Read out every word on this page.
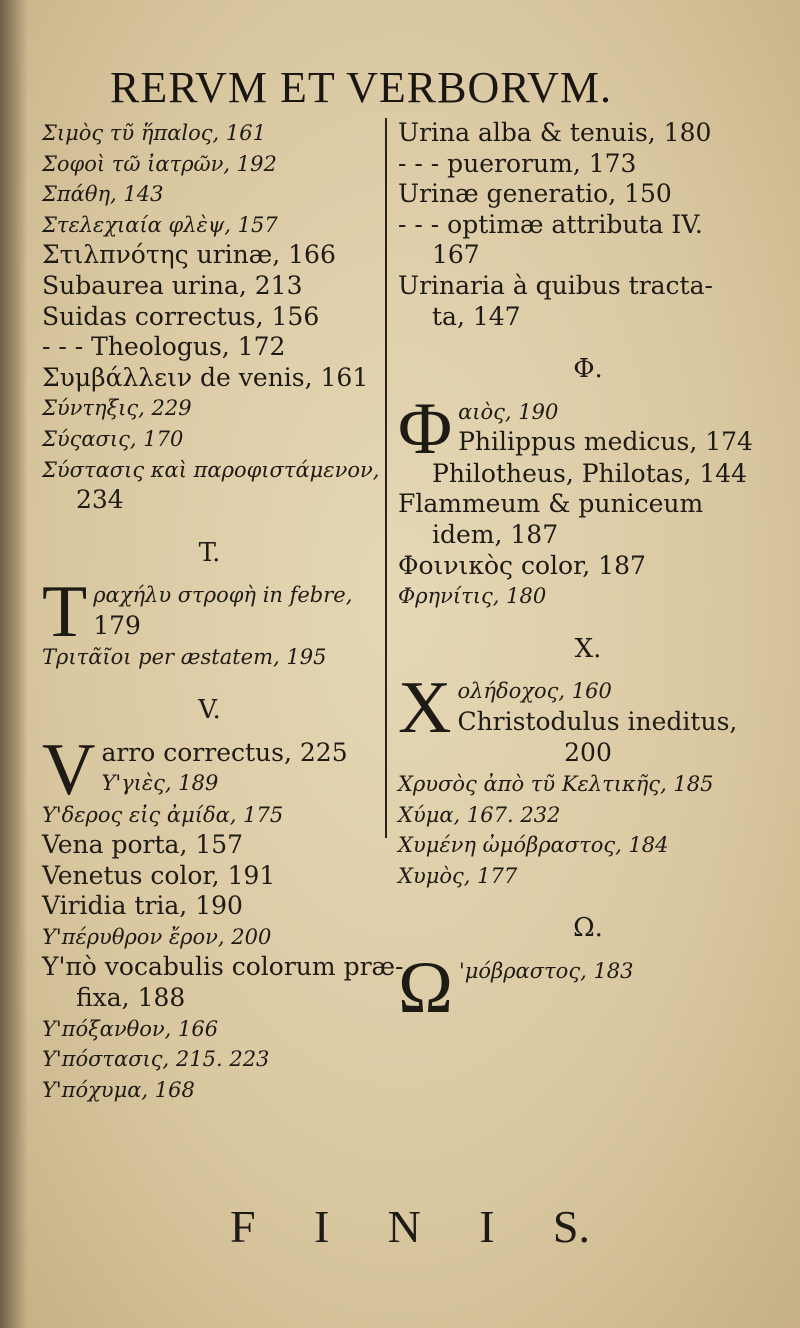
RERVM ET VERBORVM.
Σιμὸς τῦ ἥπαlος, 161
Σοφοὶ τῶ ἰατρῶν, 192
Σπάθη, 143
Στελεχιαία φλὲψ, 157
Στιλπνότης urinæ, 166
Subaurea urina, 213
Suidas correctus, 156
- - - Theologus, 172
Συμβάλλειν de venis, 161
Σύντηξις, 229
Σύςασις, 170
Σύστασις καὶ παροφιστάμενον,
234
T.
T ραχήλυ στροφὴ in febre,
179
Τριτᾶῖοι per æstatem, 195
V.
V arro correctus, 225
Υ'γιὲς, 189
Υ'δερος εἰς ἀμίδα, 175
Vena porta, 157
Venetus color, 191
Viridia tria, 190
Υ'πέρυθρον ἔρον, 200
Υ'πὸ vocabulis colorum præ-
fixa, 188
Υ'πόξανθον, 166
Υ'πόστασις, 215. 223
Υ'πόχυμα, 168
Urina alba & tenuis, 180
- - - puerorum, 173
Urinæ generatio, 150
- - - optimæ attributa IV.
167
Urinaria à quibus tracta-
ta, 147
Φ.
Φ αιὸς, 190
Philippus medicus, 174
Philotheus, Philotas, 144
Flammeum & puniceum
idem, 187
Φοινικὸς color, 187
Φρηνίτις, 180
X.
X ολήδοχος, 160
Christodulus ineditus,
200
Χρυσὸς ἀπὸ τῦ Κελτικῆς, 185
Χύμα, 167. 232
Χυμένη ὠμόβραστος, 184
Χυμὸς, 177
Ω.
Ω 'μόβραστος, 183
F I N I S.
